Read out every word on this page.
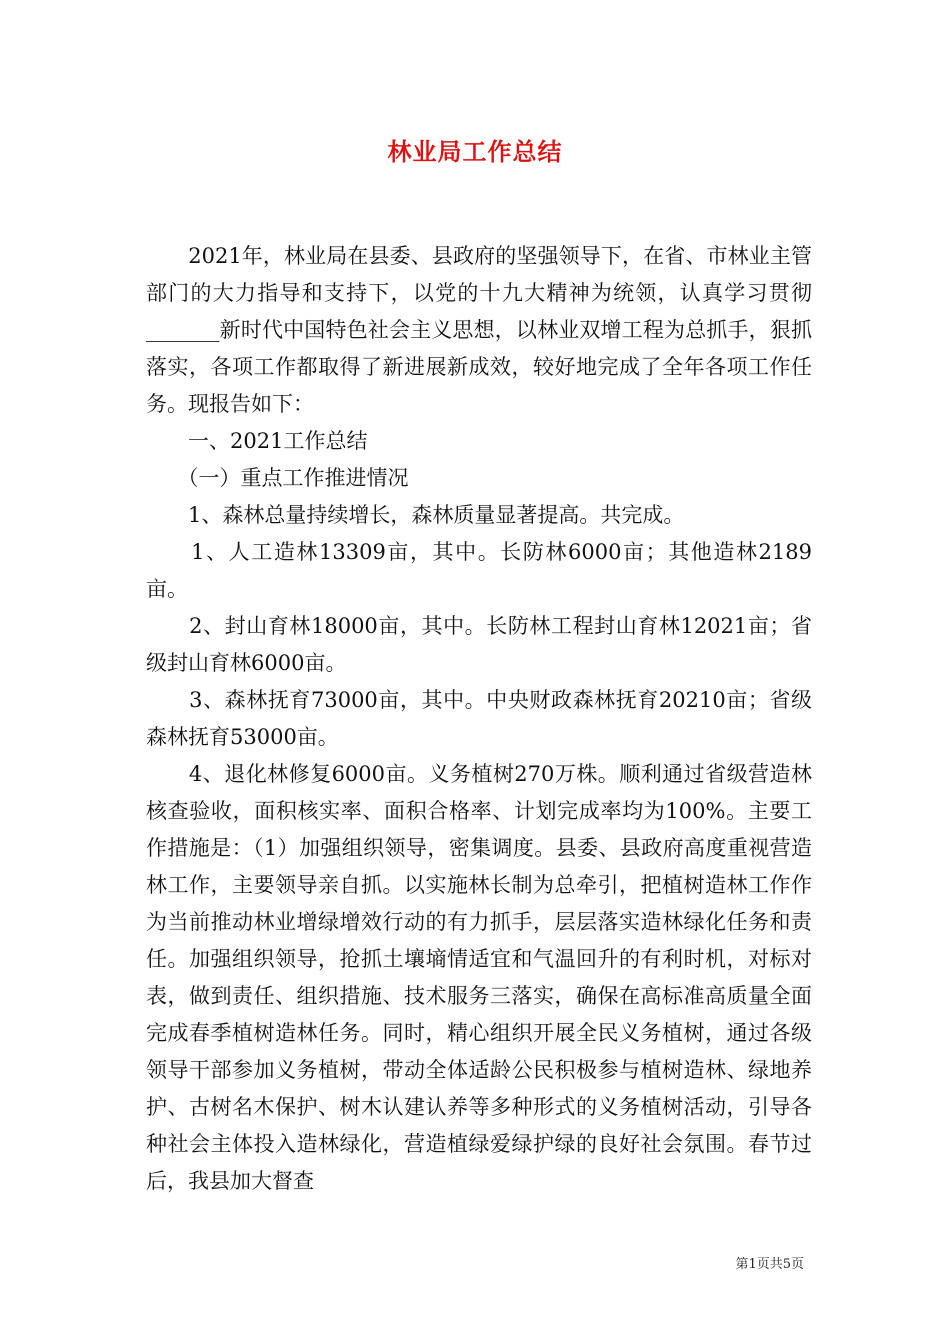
林业局工作总结

　　2021年，林业局在县委、县政府的坚强领导下，在省、市林业主管部门的大力指导和支持下，以党的十九大精神为统领，认真学习贯彻_______新时代中国特色社会主义思想，以林业双增工程为总抓手，狠抓落实，各项工作都取得了新进展新成效，较好地完成了全年各项工作任务。现报告如下：

　　一、2021工作总结

　　（一）重点工作推进情况

　　1、森林总量持续增长，森林质量显著提高。共完成。

　　1、人工造林13309亩，其中。长防林6000亩；其他造林2189亩。

　　2、封山育林18000亩，其中。长防林工程封山育林12021亩；省级封山育林6000亩。

　　3、森林抚育73000亩，其中。中央财政森林抚育20210亩；省级森林抚育53000亩。

　　4、退化林修复6000亩。义务植树270万株。顺利通过省级营造林核查验收，面积核实率、面积合格率、计划完成率均为100%。主要工作措施是：（1）加强组织领导，密集调度。县委、县政府高度重视营造林工作，主要领导亲自抓。以实施林长制为总牵引，把植树造林工作作为当前推动林业增绿增效行动的有力抓手，层层落实造林绿化任务和责任。加强组织领导，抢抓土壤墒情适宜和气温回升的有利时机，对标对表，做到责任、组织措施、技术服务三落实，确保在高标准高质量全面完成春季植树造林任务。同时，精心组织开展全民义务植树，通过各级领导干部参加义务植树，带动全体适龄公民积极参与植树造林、绿地养护、古树名木保护、树木认建认养等多种形式的义务植树活动，引导各种社会主体投入造林绿化，营造植绿爱绿护绿的良好社会氛围。春节过后，我县加大督查

第1页共5页
